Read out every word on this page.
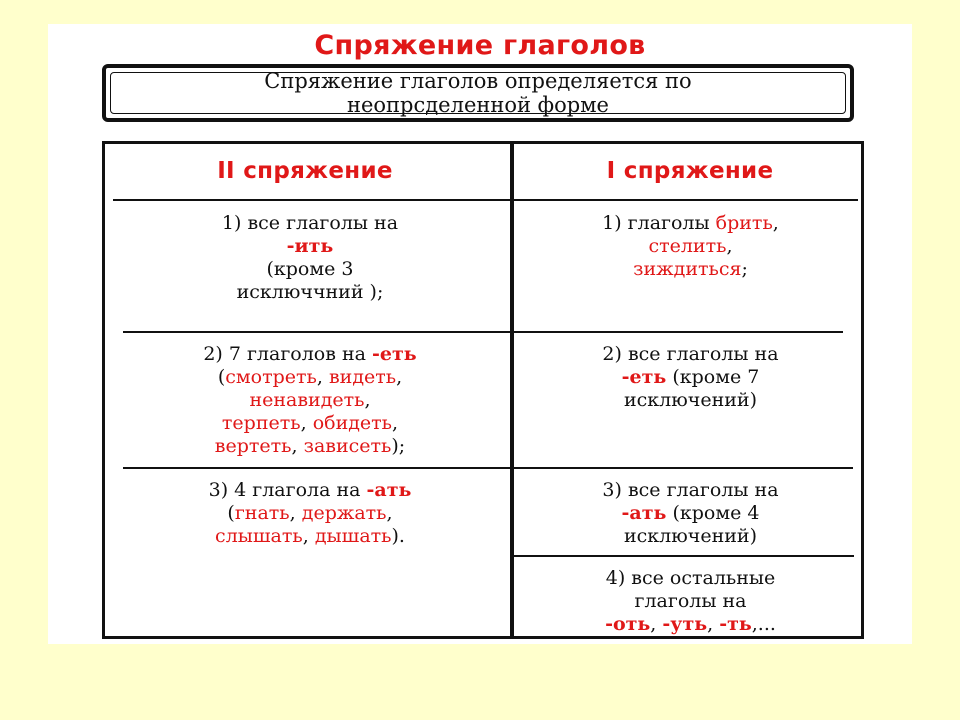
Спряжение глаголов
Спряжение глаголов определяется по
неопрсделенной форме
II спряжение	I спряжение
1) все глаголы на
-ить
(кроме 3
исключчний );
2) 7 глаголов на -еть
(смотреть, видеть,
ненавидеть,
терпеть, обидеть,
вертеть, зависеть);
3) 4 глагола на -ать
(гнать, держать,
слышать, дышать).
1) глаголы брить,
стелить,
зиждиться;
2) все глаголы на
-еть (кроме 7
исключений)
3) все глаголы на
-ать (кроме 4
исключений)
4) все остальные
глаголы на
-оть, -уть, -ть,...
